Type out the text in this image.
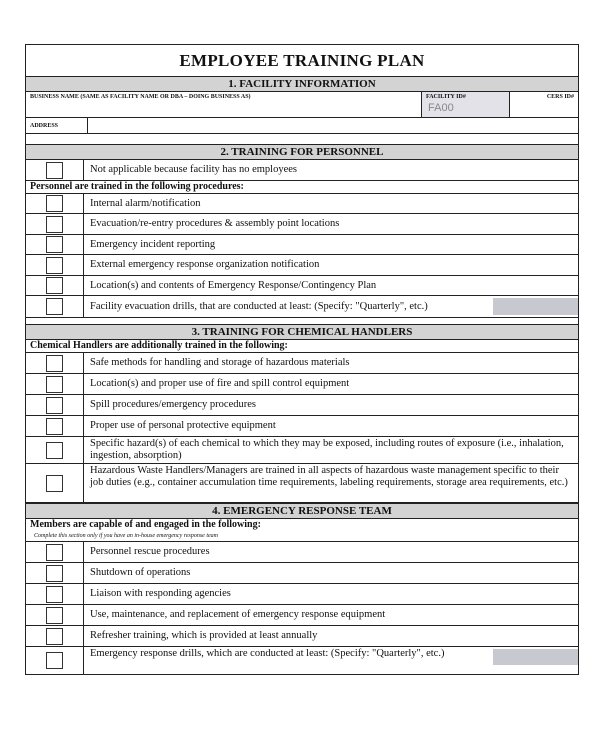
EMPLOYEE TRAINING PLAN
1. FACILITY INFORMATION
BUSINESS NAME (SAME AS FACILITY NAME OR DBA – DOING BUSINESS AS)	FACILITY ID#
FA00
CERS ID#
ADDRESS
2. TRAINING FOR PERSONNEL
Not applicable because facility has no employees
Personnel are trained in the following procedures:
Internal alarm/notification
Evacuation/re-entry procedures & assembly point locations
Emergency incident reporting
External emergency response organization notification
Location(s) and contents of Emergency Response/Contingency Plan
Facility evacuation drills, that are conducted at least: (Specify: "Quarterly", etc.)
3. TRAINING FOR CHEMICAL HANDLERS
Chemical Handlers are additionally trained in the following:
Safe methods for handling and storage of hazardous materials
Location(s) and proper use of fire and spill control equipment
Spill procedures/emergency procedures
Proper use of personal protective equipment
Specific hazard(s) of each chemical to which they may be exposed, including routes of exposure (i.e., inhalation, ingestion, absorption)
Hazardous Waste Handlers/Managers are trained in all aspects of hazardous waste management specific to their job duties (e.g., container accumulation time requirements, labeling requirements, storage area requirements, etc.)
4. EMERGENCY RESPONSE TEAM
Members are capable of and engaged in the following:
Complete this section only if you have an in-house emergency response team
Personnel rescue procedures
Shutdown of operations
Liaison with responding agencies
Use, maintenance, and replacement of emergency response equipment
Refresher training, which is provided at least annually
Emergency response drills, which are conducted at least: (Specify: "Quarterly", etc.)
